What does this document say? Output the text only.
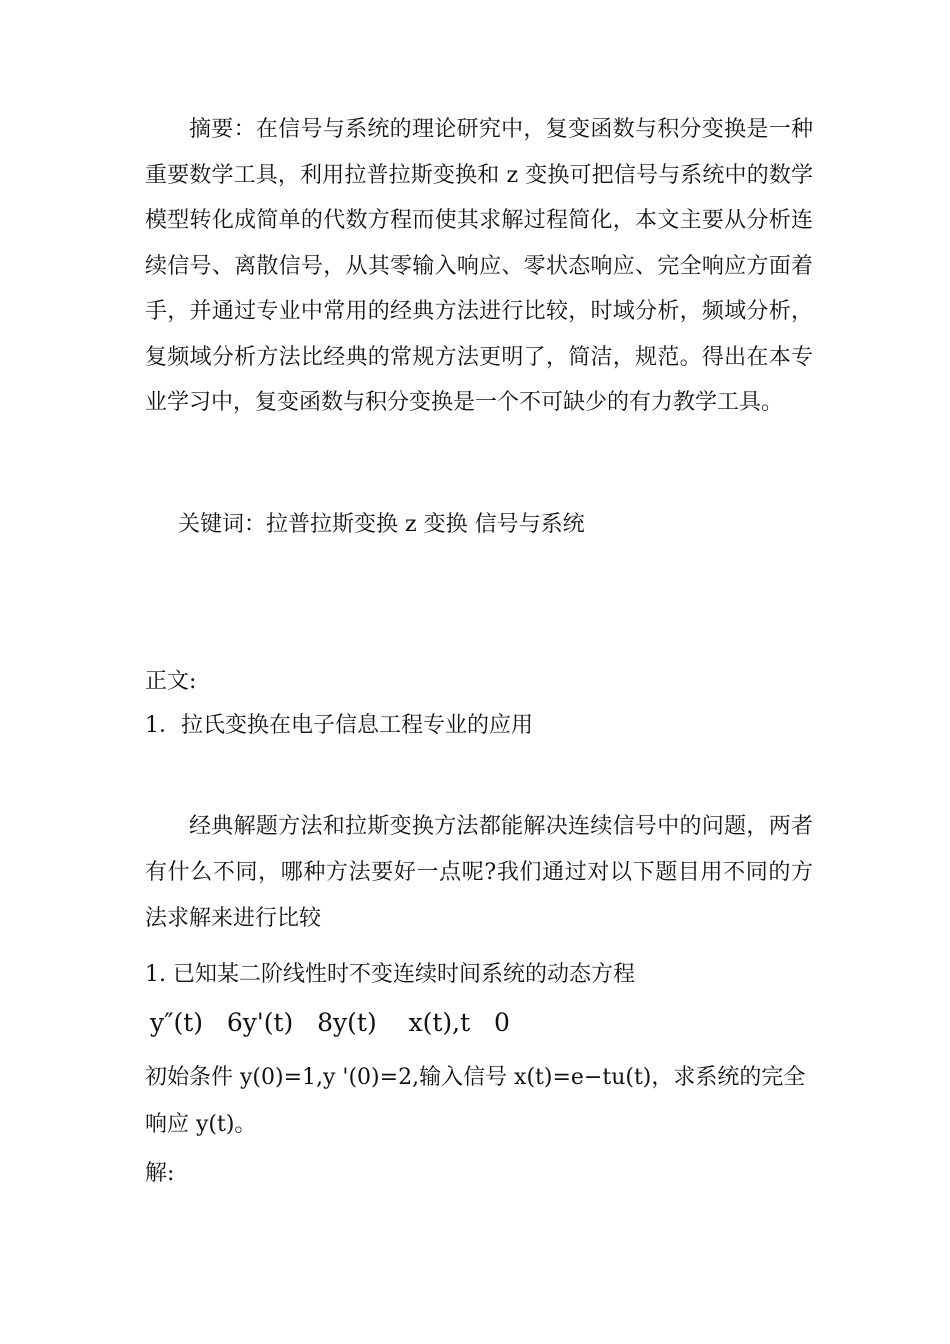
摘要：在信号与系统的理论研究中，复变函数与积分变换是一种重要数学工具，利用拉普拉斯变换和 z 变换可把信号与系统中的数学模型转化成简单的代数方程而使其求解过程简化，本文主要从分析连续信号、离散信号，从其零输入响应、零状态响应、完全响应方面着手，并通过专业中常用的经典方法进行比较，时域分析，频域分析，复频域分析方法比经典的常规方法更明了，简洁，规范。得出在本专业学习中，复变函数与积分变换是一个不可缺少的有力教学工具。

关键词：拉普拉斯变换 z 变换 信号与系统
正文:
1．拉氏变换在电子信息工程专业的应用

经典解题方法和拉斯变换方法都能解决连续信号中的问题，两者有什么不同，哪种方法要好一点呢?我们通过对以下题目用不同的方法求解来进行比较

1. 已知某二阶线性时不变连续时间系统的动态方程
y″(t)   6y'(t)   8y(t)    x(t),t   0
初始条件 y(0)=1,y '(0)=2,输入信号 x(t)=e−tu(t)，求系统的完全响应 y(t)。
解:
